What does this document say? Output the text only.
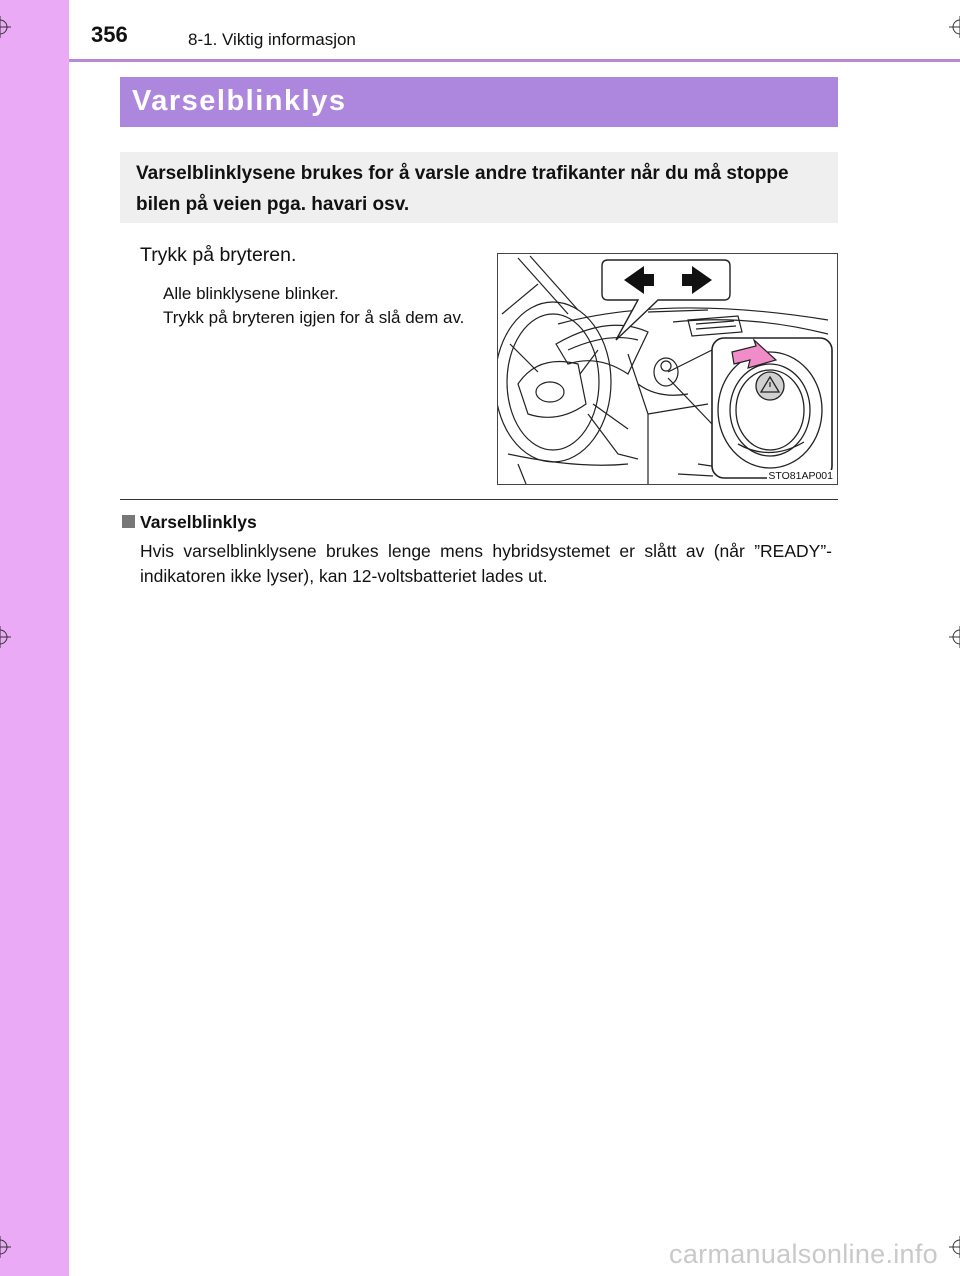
356	8-1. Viktig informasjon
Varselblinklys
Varselblinklysene brukes for å varsle andre trafikanter når du må stoppe bilen på veien pga. havari osv.
Trykk på bryteren.

Alle blinklysene blinker.

Trykk på bryteren igjen for å slå dem av.

STO81AP001
Varselblinklys
Hvis varselblinklysene brukes lenge mens hybridsystemet er slått av (når ”READY”-indikatoren ikke lyser), kan 12-voltsbatteriet lades ut.
carmanualsonline.info
